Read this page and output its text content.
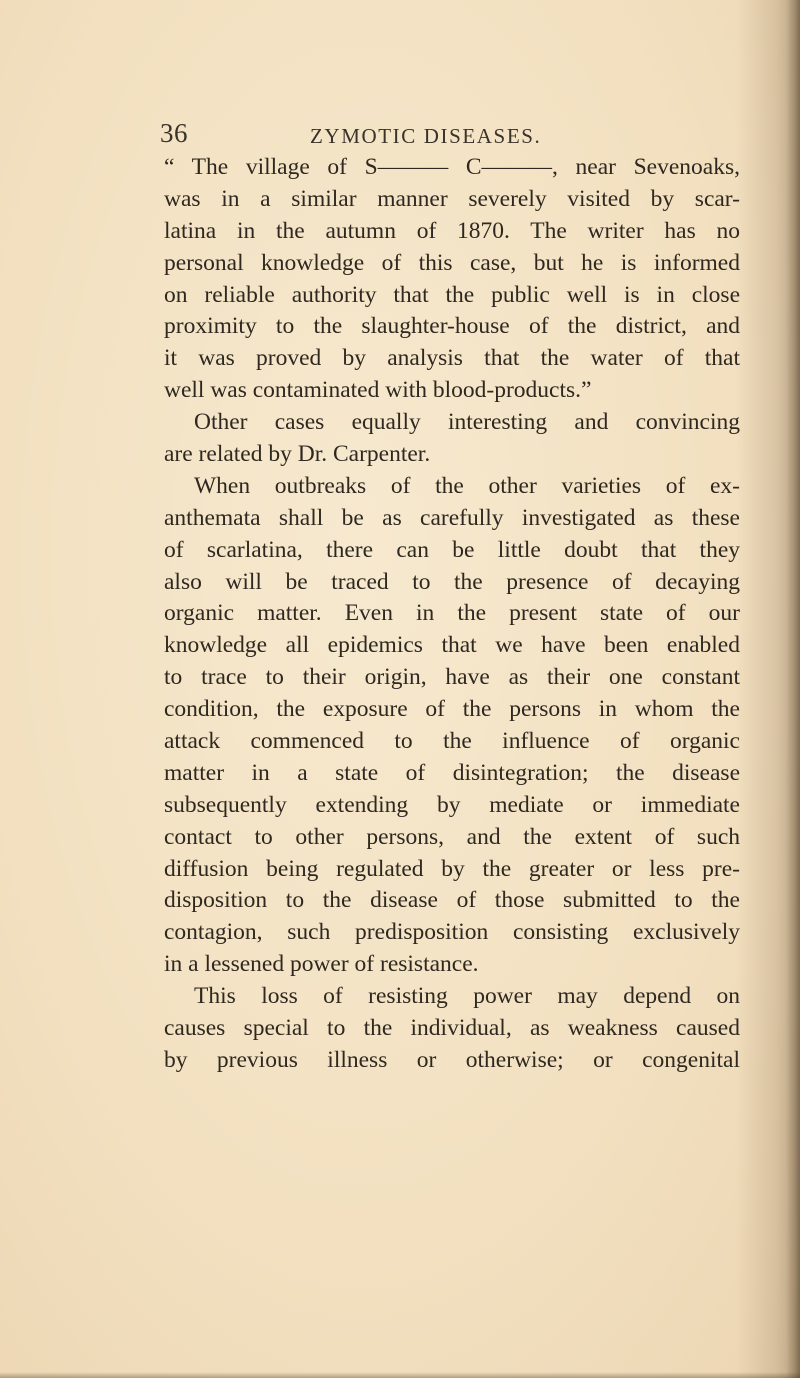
36	ZYMOTIC DISEASES.
“ The village of S——— C———, near Sevenoaks,
was in a similar manner severely visited by scar-
latina in the autumn of 1870. The writer has no
personal knowledge of this case, but he is informed
on reliable authority that the public well is in close
proximity to the slaughter-house of the district, and
it was proved by analysis that the water of that
well was contaminated with blood-products.”
Other cases equally interesting and convincing
are related by Dr. Carpenter.
When outbreaks of the other varieties of ex-
anthemata shall be as carefully investigated as these
of scarlatina, there can be little doubt that they
also will be traced to the presence of decaying
organic matter. Even in the present state of our
knowledge all epidemics that we have been enabled
to trace to their origin, have as their one constant
condition, the exposure of the persons in whom the
attack commenced to the influence of organic
matter in a state of disintegration; the disease
subsequently extending by mediate or immediate
contact to other persons, and the extent of such
diffusion being regulated by the greater or less pre-
disposition to the disease of those submitted to the
contagion, such predisposition consisting exclusively
in a lessened power of resistance.
This loss of resisting power may depend on
causes special to the individual, as weakness caused
by previous illness or otherwise; or congenital
